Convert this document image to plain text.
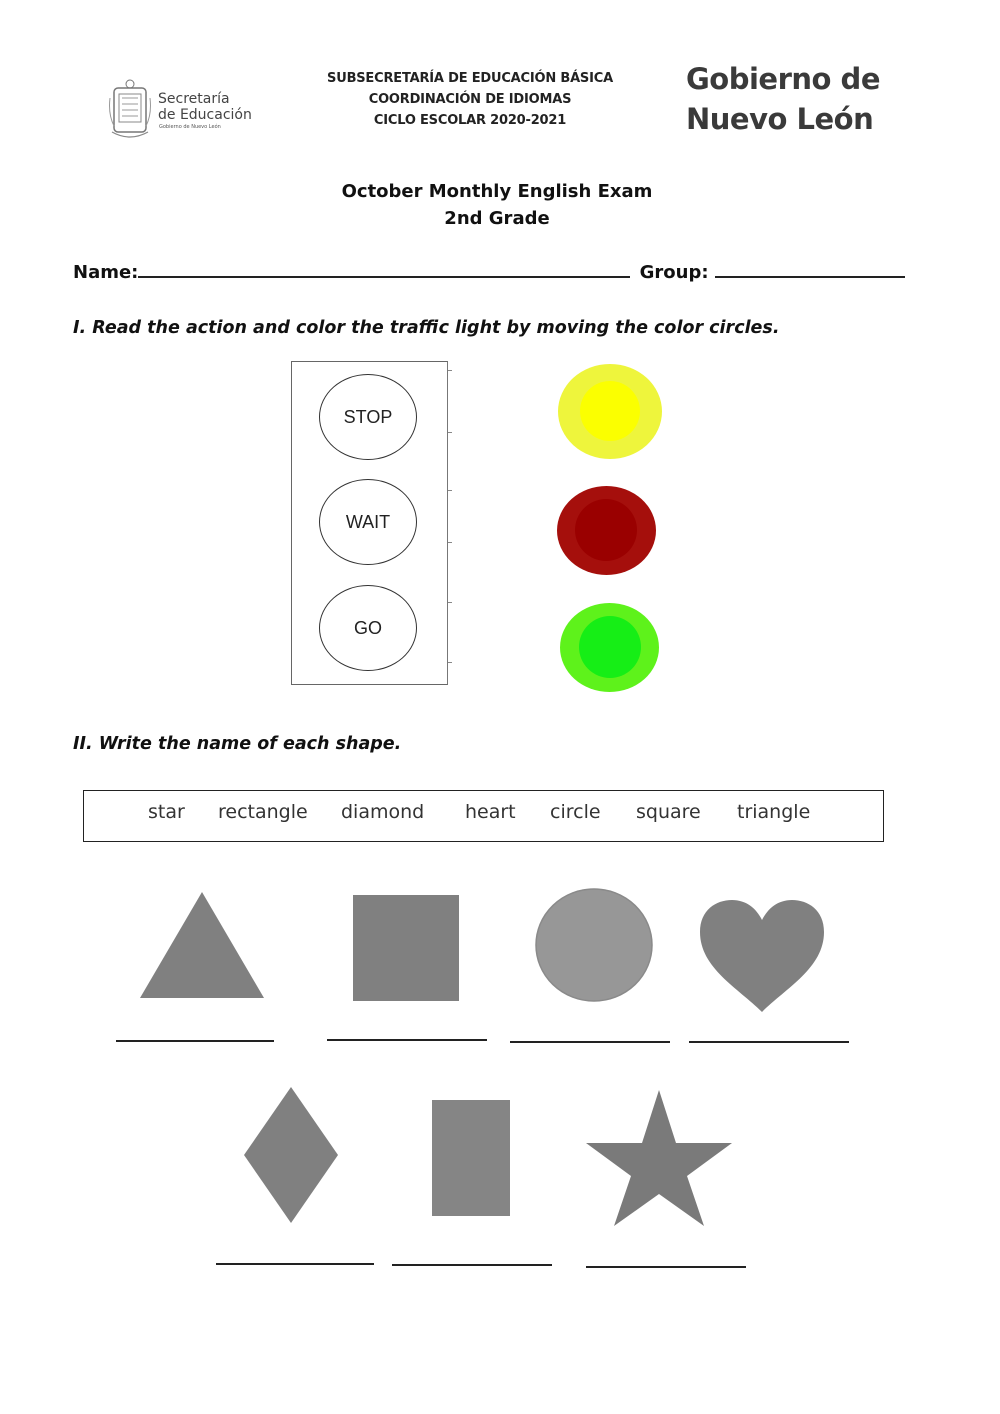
Secretaría
de Educación
Gobierno de Nuevo León
SUBSECRETARÍA DE EDUCACIÓN BÁSICA
COORDINACIÓN DE IDIOMAS
CICLO ESCOLAR 2020-2021
Gobierno de
Nuevo León
October Monthly English Exam
2nd Grade
Name:	Group:
I. Read the action and color the traffic light by moving the color circles.
STOP
WAIT
GO
II. Write the name of each shape.
star rectangle diamond heart circle square triangle
